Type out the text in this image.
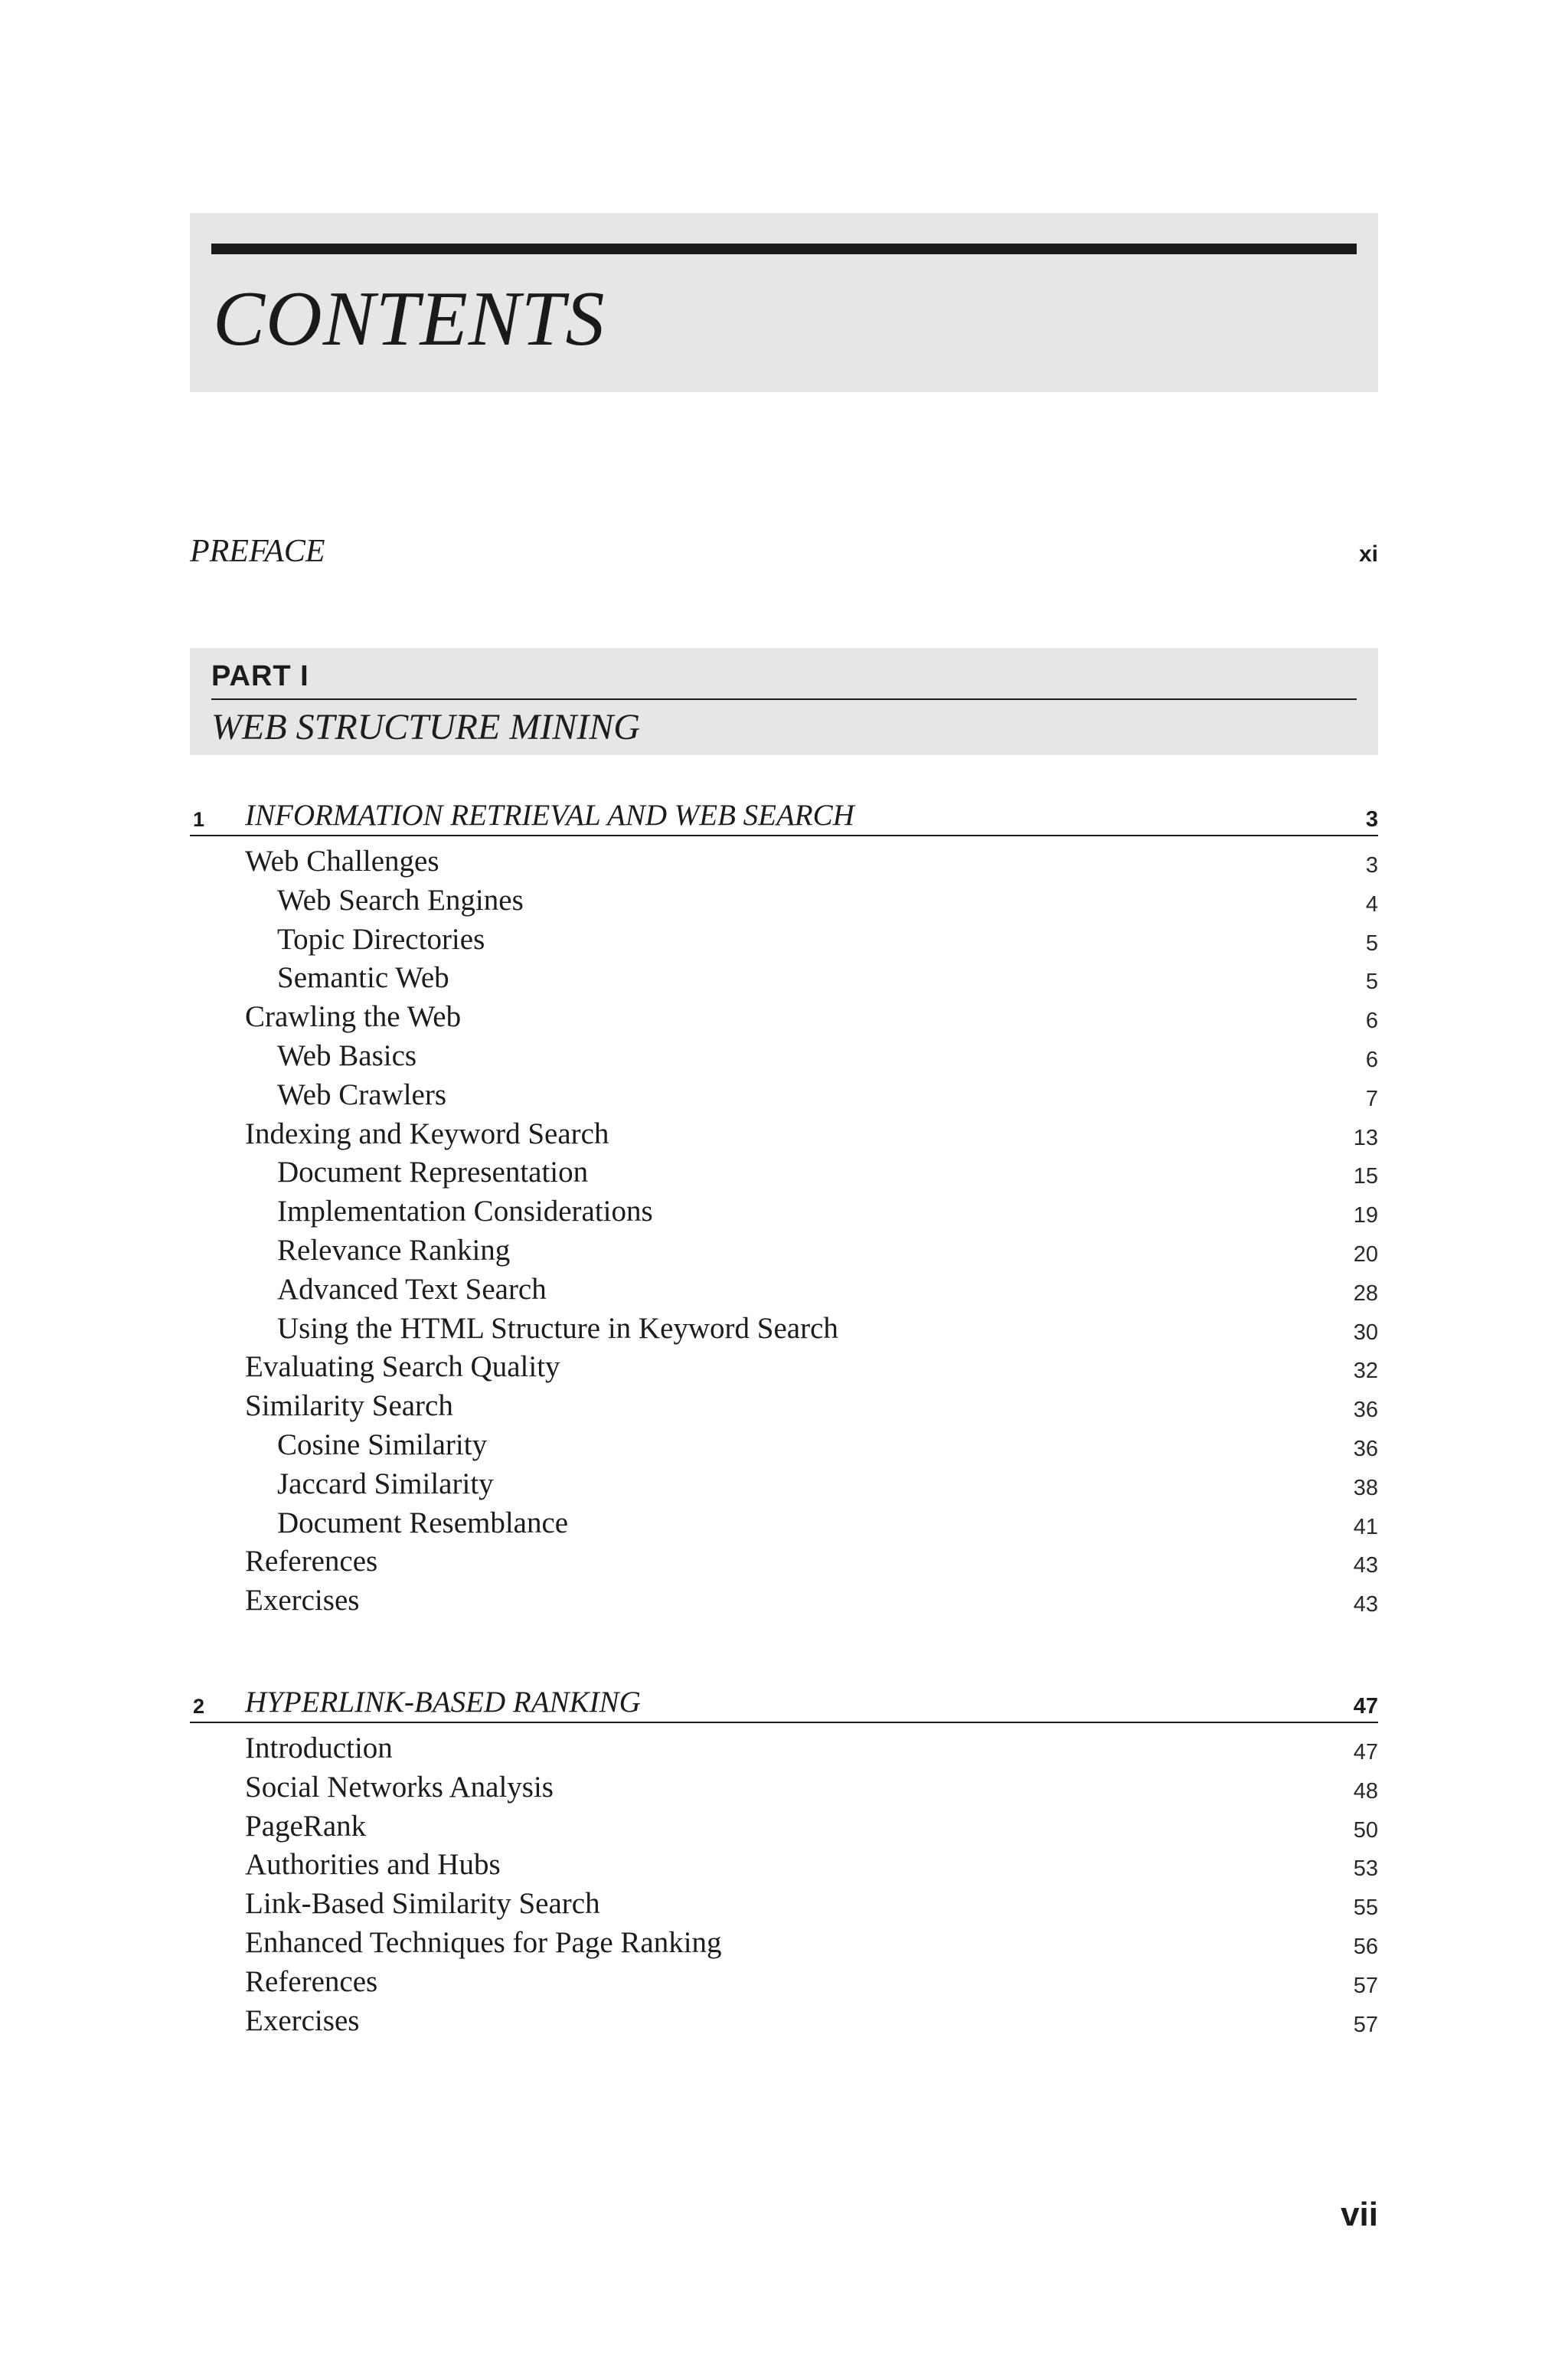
CONTENTS
PREFACE	xi
PART I
WEB STRUCTURE MINING
1 INFORMATION RETRIEVAL AND WEB SEARCH	3
Web Challenges	3
Web Search Engines	4
Topic Directories	5
Semantic Web	5
Crawling the Web	6
Web Basics	6
Web Crawlers	7
Indexing and Keyword Search	13
Document Representation	15
Implementation Considerations	19
Relevance Ranking	20
Advanced Text Search	28
Using the HTML Structure in Keyword Search	30
Evaluating Search Quality	32
Similarity Search	36
Cosine Similarity	36
Jaccard Similarity	38
Document Resemblance	41
References	43
Exercises	43
2 HYPERLINK-BASED RANKING	47
Introduction	47
Social Networks Analysis	48
PageRank	50
Authorities and Hubs	53
Link-Based Similarity Search	55
Enhanced Techniques for Page Ranking	56
References	57
Exercises	57
vii
